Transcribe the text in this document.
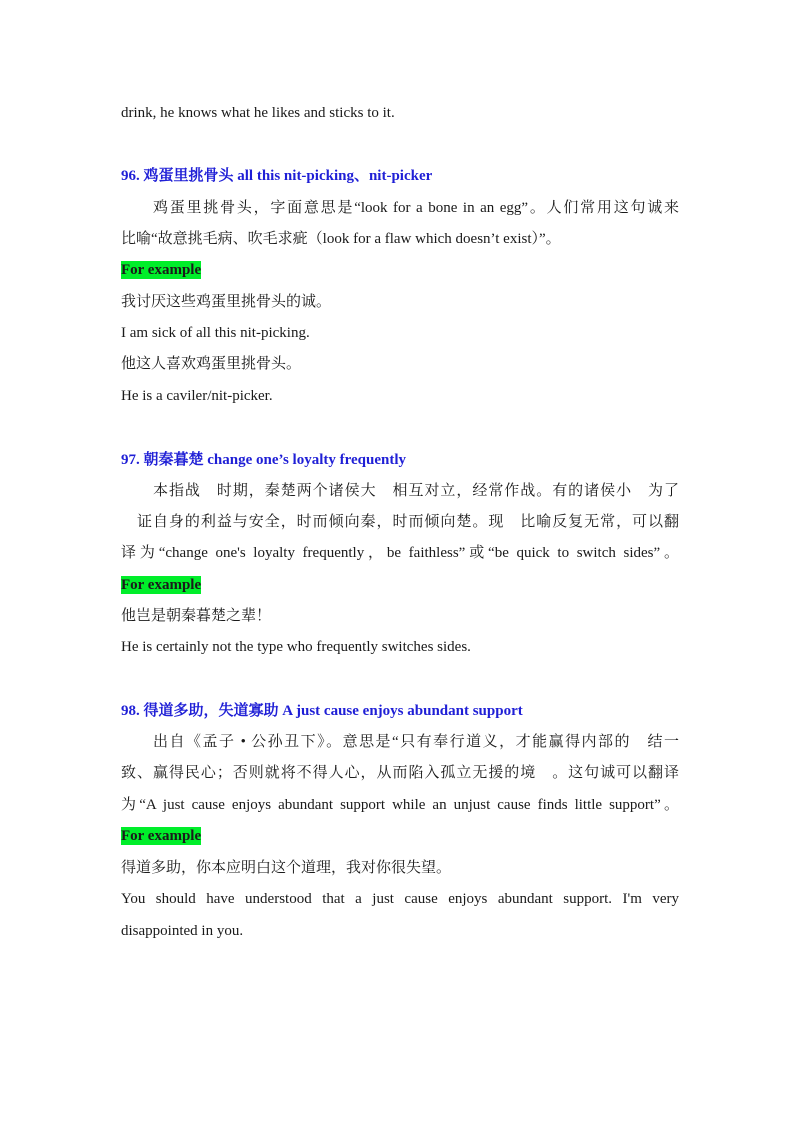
drink, he knows what he likes and sticks to it.
96. 鸡蛋里挑骨头 all this nit-picking、nit-picker
鸡蛋里挑骨头，字面意思是“look for a bone in an egg”。人们常用这句诚来
比喻“故意挑毛病、吹毛求疵（look for a flaw which doesn’t exist）”。
For example
我讨厌这些鸡蛋里挑骨头的诚。
I am sick of all this nit-picking.
他这人喜欢鸡蛋里挑骨头。
He is a caviler/nit-picker.
97. 朝秦暮楚 change one’s loyalty frequently
本指战　时期，秦楚两个诸侯大　相互对立，经常作战。有的诸侯小　为了
　证自身的利益与安全，时而倾向秦，时而倾向楚。现　比喻反复无常，可以翻
译为“change one's loyalty frequently，be faithless”或“be quick to switch sides”。
For example
他岂是朝秦暮楚之辈！
He is certainly not the type who frequently switches sides.
98. 得道多助，失道寡助 A just cause enjoys abundant support
出自《孟子 • 公孙丑下》。意思是“只有奉行道义，才能赢得内部的　结一
致、赢得民心；否则就将不得人心，从而陷入孤立无援的境　。这句诚可以翻译
为“A just cause enjoys abundant support while an unjust cause finds little support”。
For example
得道多助，你本应明白这个道理，我对你很失望。
You should have understood that a just cause enjoys abundant support. I'm very
disappointed in you.
